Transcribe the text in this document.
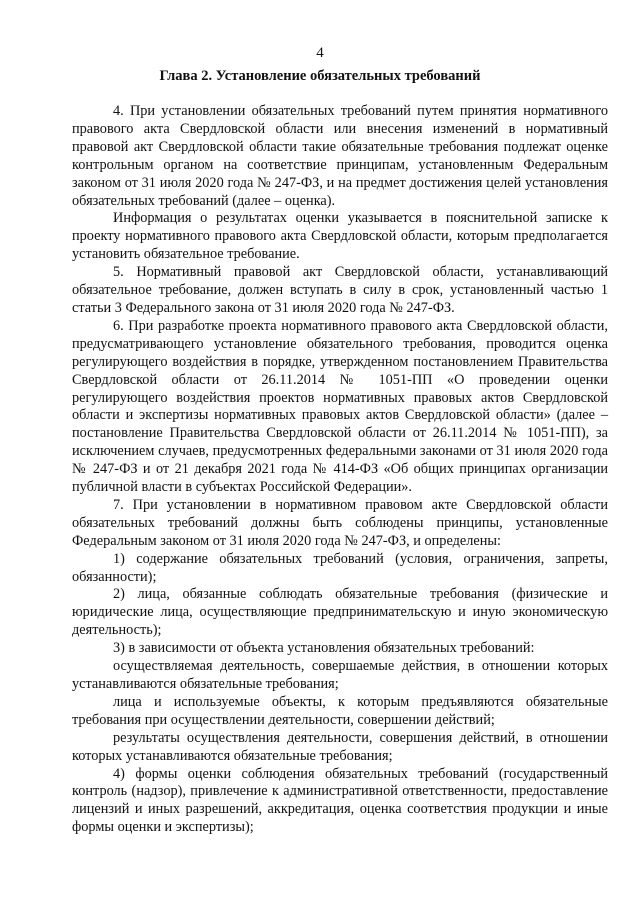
4
Глава 2. Установление обязательных требований

4. При установлении обязательных требований путем принятия нормативного правового акта Свердловской области или внесения изменений в нормативный правовой акт Свердловской области такие обязательные требования подлежат оценке контрольным органом на соответствие принципам, установленным Федеральным законом от 31 июля 2020 года № 247-ФЗ, и на предмет достижения целей установления обязательных требований (далее – оценка).

Информация о результатах оценки указывается в пояснительной записке к проекту нормативного правового акта Свердловской области, которым предполагается установить обязательное требование.

5. Нормативный правовой акт Свердловской области, устанавливающий обязательное требование, должен вступать в силу в срок, установленный частью 1 статьи 3 Федерального закона от 31 июля 2020 года № 247-ФЗ.

6. При разработке проекта нормативного правового акта Свердловской области, предусматривающего установление обязательного требования, проводится оценка регулирующего воздействия в порядке, утвержденном постановлением Правительства Свердловской области от 26.11.2014 № 1051-ПП «О проведении оценки регулирующего воздействия проектов нормативных правовых актов Свердловской области и экспертизы нормативных правовых актов Свердловской области» (далее – постановление Правительства Свердловской области от 26.11.2014 № 1051-ПП), за исключением случаев, предусмотренных федеральными законами от 31 июля 2020 года № 247-ФЗ и от 21 декабря 2021 года № 414-ФЗ «Об общих принципах организации публичной власти в субъектах Российской Федерации».

7. При установлении в нормативном правовом акте Свердловской области обязательных требований должны быть соблюдены принципы, установленные Федеральным законом от 31 июля 2020 года № 247-ФЗ, и определены:

1) содержание обязательных требований (условия, ограничения, запреты, обязанности);

2) лица, обязанные соблюдать обязательные требования (физические и юридические лица, осуществляющие предпринимательскую и иную экономическую деятельность);

3) в зависимости от объекта установления обязательных требований:

осуществляемая деятельность, совершаемые действия, в отношении которых устанавливаются обязательные требования;

лица и используемые объекты, к которым предъявляются обязательные требования при осуществлении деятельности, совершении действий;

результаты осуществления деятельности, совершения действий, в отношении которых устанавливаются обязательные требования;

4) формы оценки соблюдения обязательных требований (государственный контроль (надзор), привлечение к административной ответственности, предоставление лицензий и иных разрешений, аккредитация, оценка соответствия продукции и иные формы оценки и экспертизы);
